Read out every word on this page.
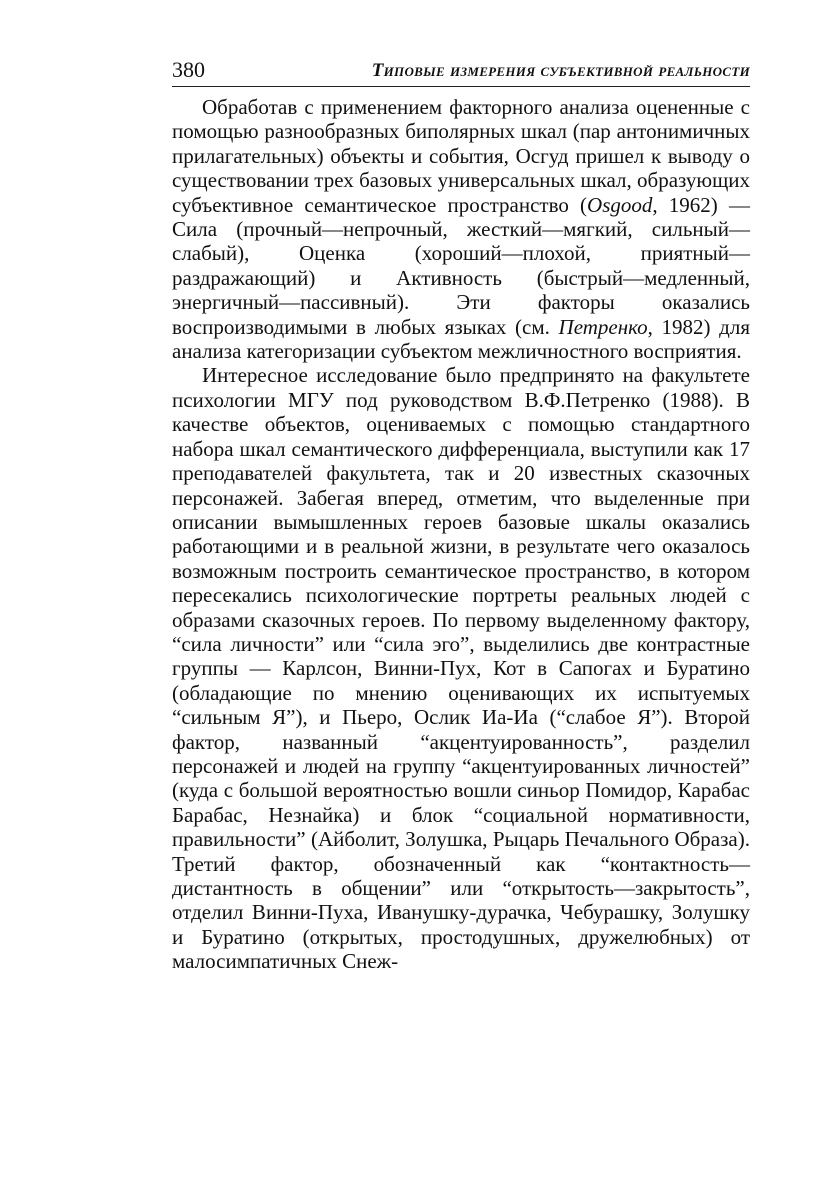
380	Типовые измерения субъективной реальности

Обработав с применением факторного анализа оцененные с помощью разнообразных биполярных шкал (пар антонимичных прилагательных) объекты и события, Осгуд пришел к выводу о существовании трех базовых универсальных шкал, образующих субъективное семантическое пространство (Osgood, 1962) — Сила (прочный—непрочный, жесткий—мягкий, сильный—слабый), Оценка (хороший—плохой, приятный—раздражающий) и Активность (быстрый—медленный, энергичный—пассивный). Эти факторы оказались воспроизводимыми в любых языках (см. Петренко, 1982) для анализа категоризации субъектом межличностного восприятия.

Интересное исследование было предпринято на факультете психологии МГУ под руководством В.Ф.Петренко (1988). В качестве объектов, оцениваемых с помощью стандартного набора шкал семантического дифференциала, выступили как 17 преподавателей факультета, так и 20 известных сказочных персонажей. Забегая вперед, отметим, что выделенные при описании вымышленных героев базовые шкалы оказались работающими и в реальной жизни, в результате чего оказалось возможным построить семантическое пространство, в котором пересекались психологические портреты реальных людей с образами сказочных героев. По первому выделенному фактору, “сила личности” или “сила эго”, выделились две контрастные группы — Карлсон, Винни-Пух, Кот в Сапогах и Буратино (обладающие по мнению оценивающих их испытуемых “сильным Я”), и Пьеро, Ослик Иа-Иа (“слабое Я”). Второй фактор, названный “акцентуированность”, разделил персонажей и людей на группу “акцентуированных личностей” (куда с большой вероятностью вошли синьор Помидор, Карабас Барабас, Незнайка) и блок “социальной нормативности, правильности” (Айболит, Золушка, Рыцарь Печального Образа). Третий фактор, обозначенный как “контактность—дистантность в общении” или “открытость—закрытость”, отделил Винни-Пуха, Иванушку-дурачка, Чебурашку, Золушку и Буратино (открытых, простодушных, дружелюбных) от малосимпатичных Снеж-
